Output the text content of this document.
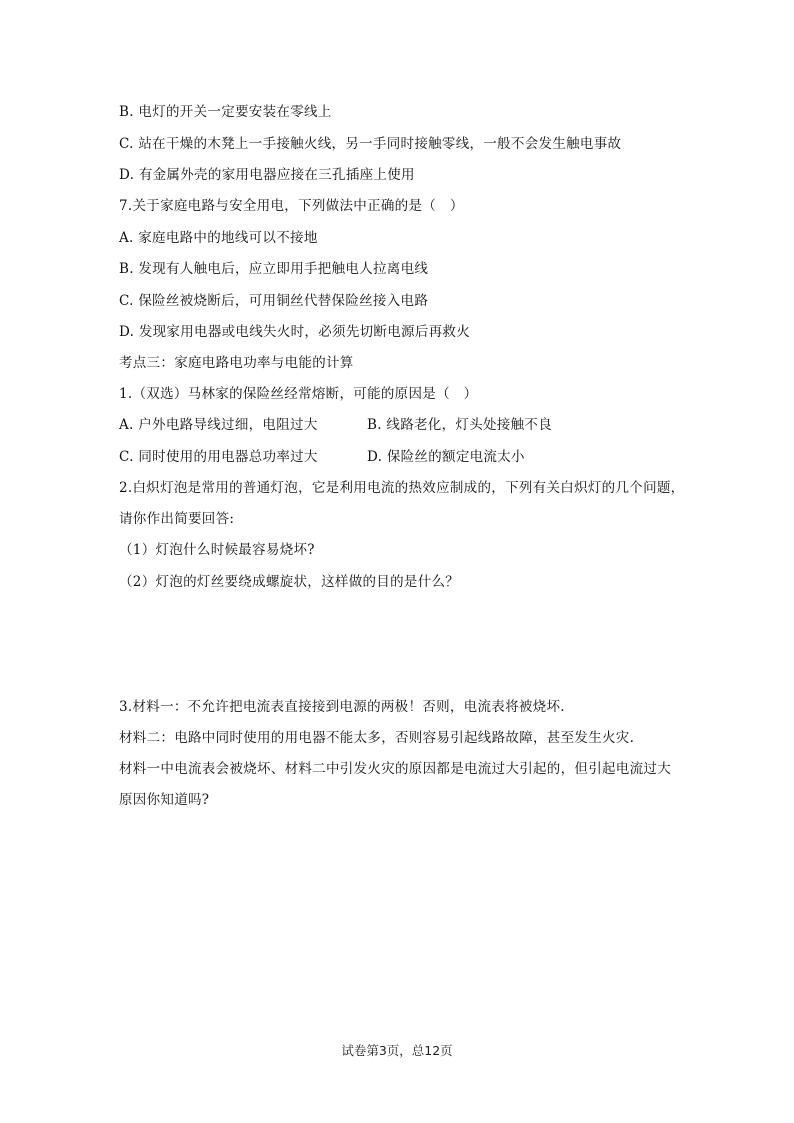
B. 电灯的开关一定要安装在零线上
C. 站在干燥的木凳上一手接触火线，另一手同时接触零线，一般不会发生触电事故
D. 有金属外壳的家用电器应接在三孔插座上使用
7.关于家庭电路与安全用电，下列做法中正确的是（　）
A. 家庭电路中的地线可以不接地
B. 发现有人触电后，应立即用手把触电人拉离电线
C. 保险丝被烧断后，可用铜丝代替保险丝接入电路
D. 发现家用电器或电线失火时，必须先切断电源后再救火
考点三：家庭电路电功率与电能的计算
1.（双选）马林家的保险丝经常熔断，可能的原因是（　）
A. 户外电路导线过细，电阻过大	B. 线路老化，灯头处接触不良
C. 同时使用的用电器总功率过大	D. 保险丝的额定电流太小
2.白炽灯泡是常用的普通灯泡，它是利用电流的热效应制成的，下列有关白炽灯的几个问题，
请你作出简要回答:
（1）灯泡什么时候最容易烧坏?
（2）灯泡的灯丝要绕成螺旋状，这样做的目的是什么？
3.材料一：不允许把电流表直接接到电源的两极！否则，电流表将被烧坏.
材料二：电路中同时使用的用电器不能太多，否则容易引起线路故障，甚至发生火灾.
材料一中电流表会被烧坏、材料二中引发火灾的原因都是电流过大引起的，但引起电流过大
原因你知道吗?
试卷第3页，总12页
